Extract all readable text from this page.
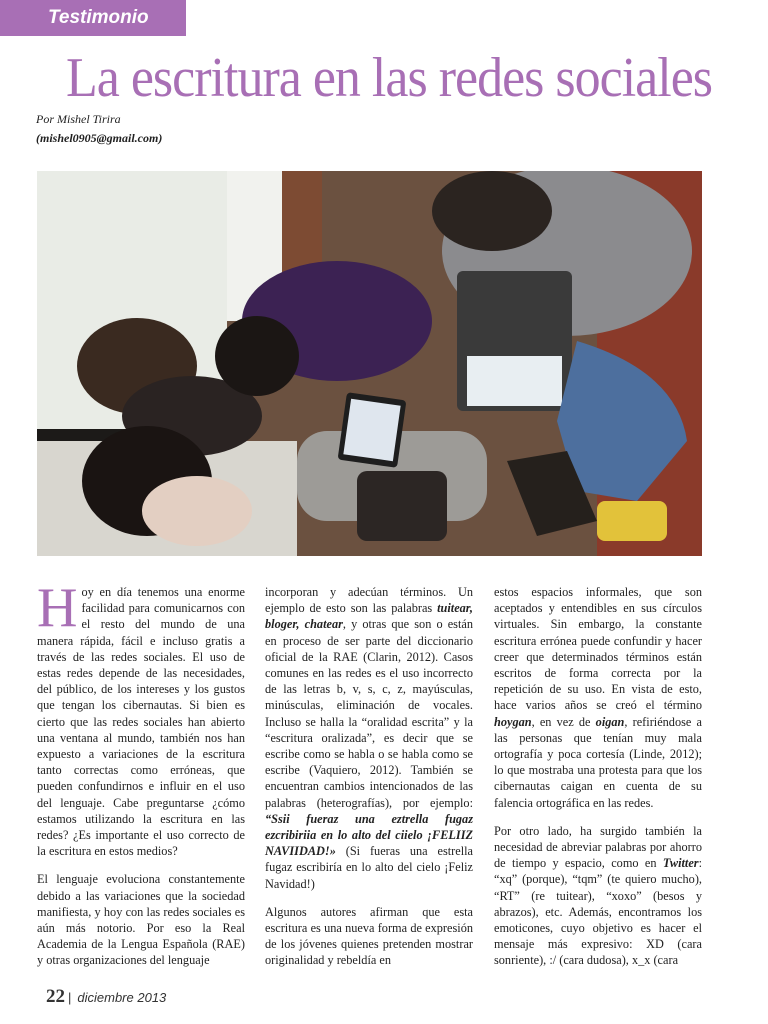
Testimonio
La escritura en las redes sociales
Por Mishel Tirira
(mishel0905@gmail.com)

Hoy en día tenemos una enorme facilidad para comunicarnos con el resto del mundo de una manera rápida, fácil e incluso gratis a través de las redes sociales. El uso de estas redes depende de las necesidades, del público, de los intereses y los gustos que tengan los cibernautas. Si bien es cierto que las redes sociales han abierto una ventana al mundo, también nos han expuesto a variaciones de la escritura tanto correctas como erróneas, que pueden confundirnos e influir en el uso del lenguaje. Cabe preguntarse ¿cómo estamos utilizando la escritura en las redes? ¿Es importante el uso correcto de la escritura en estos medios?

El lenguaje evoluciona constantemente debido a las variaciones que la sociedad manifiesta, y hoy con las redes sociales es aún más notorio. Por eso la Real Academia de la Lengua Española (RAE) y otras organizaciones del lenguaje

incorporan y adecúan términos. Un ejemplo de esto son las palabras tuitear, bloger, chatear, y otras que son o están en proceso de ser parte del diccionario oficial de la RAE (Clarin, 2012). Casos comunes en las redes es el uso incorrecto de las letras b, v, s, c, z, mayúsculas, minúsculas, eliminación de vocales. Incluso se halla la “oralidad escrita” y la “escritura oralizada”, es decir que se escribe como se habla o se habla como se escribe (Vaquiero, 2012). También se encuentran cambios intencionados de las palabras (heterografías), por ejemplo: “Ssii fueraz una eztrella fugaz ezcribiriia en lo alto del ciielo ¡FELIIZ NAVIIDAD!» (Si fueras una estrella fugaz escribiría en lo alto del cielo ¡Feliz Navidad!)

Algunos autores afirman que esta escritura es una nueva forma de expresión de los jóvenes quienes pretenden mostrar originalidad y rebeldía en

estos espacios informales, que son aceptados y entendibles en sus círculos virtuales. Sin embargo, la constante escritura errónea puede confundir y hacer creer que determinados términos están escritos de forma correcta por la repetición de su uso. En vista de esto, hace varios años se creó el término hoygan, en vez de oigan, refiriéndose a las personas que tenían muy mala ortografía y poca cortesía (Linde, 2012); lo que mostraba una protesta para que los cibernautas caigan en cuenta de su falencia ortográfica en las redes.

Por otro lado, ha surgido también la necesidad de abreviar palabras por ahorro de tiempo y espacio, como en Twitter: “xq” (porque), “tqm” (te quiero mucho), “RT” (re tuitear), “xoxo” (besos y abrazos), etc. Además, encontramos los emoticones, cuyo objetivo es hacer el mensaje más expresivo: XD (cara sonriente), :/ (cara dudosa), x_x (cara

22 | diciembre 2013
